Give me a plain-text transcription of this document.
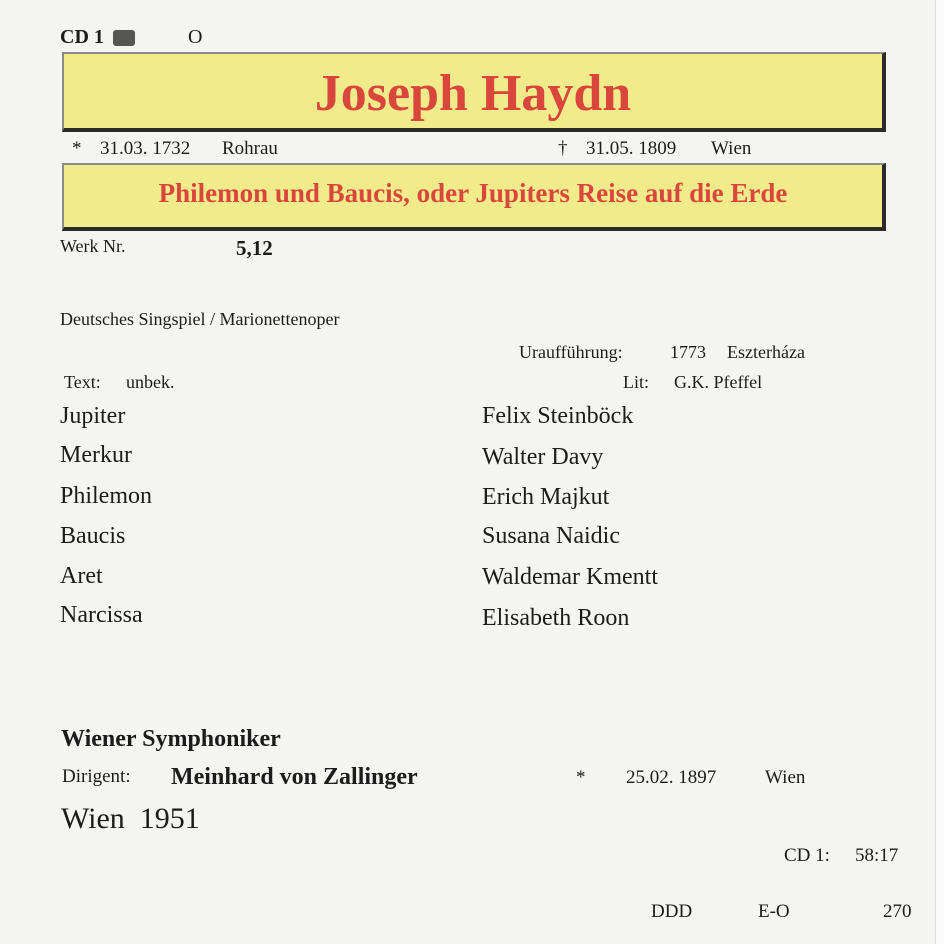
CD 1	O
Joseph Haydn
* 31.03. 1732 Rohrau	† 31.05. 1809 Wien
Philemon und Baucis, oder Jupiters Reise auf die Erde
Werk Nr.	5,12
Deutsches Singspiel / Marionettenoper
Uraufführung:	1773 Eszterháza
Text: unbek.	Lit: G.K. Pfeffel
Jupiter	Felix Steinböck
Merkur	Walter Davy
Philemon	Erich Majkut
Baucis	Susana Naidic
Aret	Waldemar Kmentt
Narcissa	Elisabeth Roon
Wiener Symphoniker
Dirigent: Meinhard von Zallinger	* 25.02. 1897	Wien
Wien  1951
CD 1: 58:17
DDD	E-O	270
